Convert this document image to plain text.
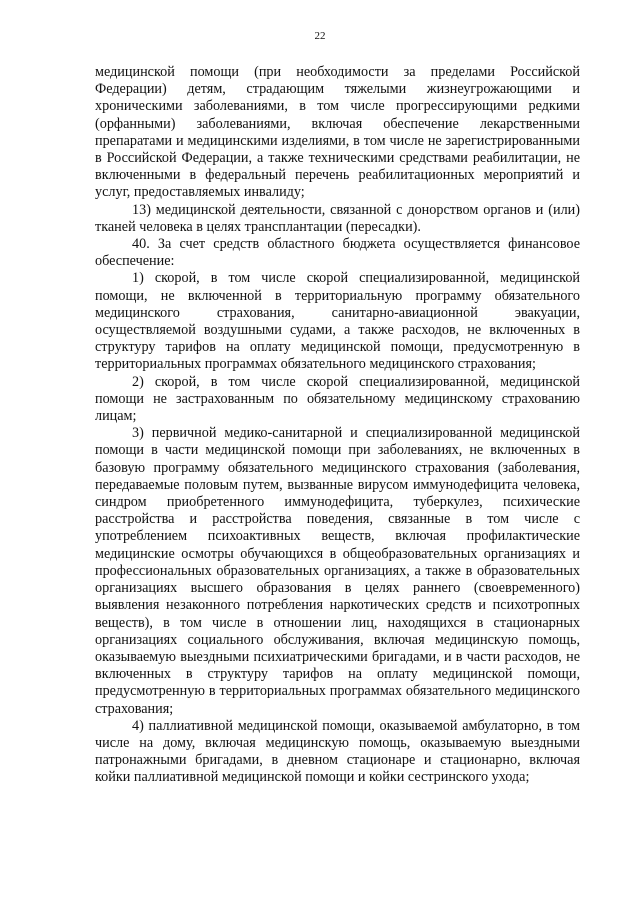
22

медицинской помощи (при необходимости за пределами Российской Федерации) детям, страдающим тяжелыми жизнеугрожающими и хроническими заболеваниями, в том числе прогрессирующими редкими (орфанными) заболеваниями, включая обеспечение лекарственными препаратами и медицинскими изделиями, в том числе не зарегистрированными в Российской Федерации, а также техническими средствами реабилитации, не включенными в федеральный перечень реабилитационных мероприятий и услуг, предоставляемых инвалиду;

13) медицинской деятельности, связанной с донорством органов и (или) тканей человека в целях трансплантации (пересадки).

40. За счет средств областного бюджета осуществляется финансовое обеспечение:

1) скорой, в том числе скорой специализированной, медицинской помощи, не включенной в территориальную программу обязательного медицинского страхования, санитарно-авиационной эвакуации, осуществляемой воздушными судами, а также расходов, не включенных в структуру тарифов на оплату медицинской помощи, предусмотренную в территориальных программах обязательного медицинского страхования;

2) скорой, в том числе скорой специализированной, медицинской помощи не застрахованным по обязательному медицинскому страхованию лицам;

3) первичной медико-санитарной и специализированной медицинской помощи в части медицинской помощи при заболеваниях, не включенных в базовую программу обязательного медицинского страхования (заболевания, передаваемые половым путем, вызванные вирусом иммунодефицита человека, синдром приобретенного иммунодефицита, туберкулез, психические расстройства и расстройства поведения, связанные в том числе с употреблением психоактивных веществ, включая профилактические медицинские осмотры обучающихся в общеобразовательных организациях и профессиональных образовательных организациях, а также в образовательных организациях высшего образования в целях раннего (своевременного) выявления незаконного потребления наркотических средств и психотропных веществ), в том числе в отношении лиц, находящихся в стационарных организациях социального обслуживания, включая медицинскую помощь, оказываемую выездными психиатрическими бригадами, и в части расходов, не включенных в структуру тарифов на оплату медицинской помощи, предусмотренную в территориальных программах обязательного медицинского страхования;

4) паллиативной медицинской помощи, оказываемой амбулаторно, в том числе на дому, включая медицинскую помощь, оказываемую выездными патронажными бригадами, в дневном стационаре и стационарно, включая койки паллиативной медицинской помощи и койки сестринского ухода;
